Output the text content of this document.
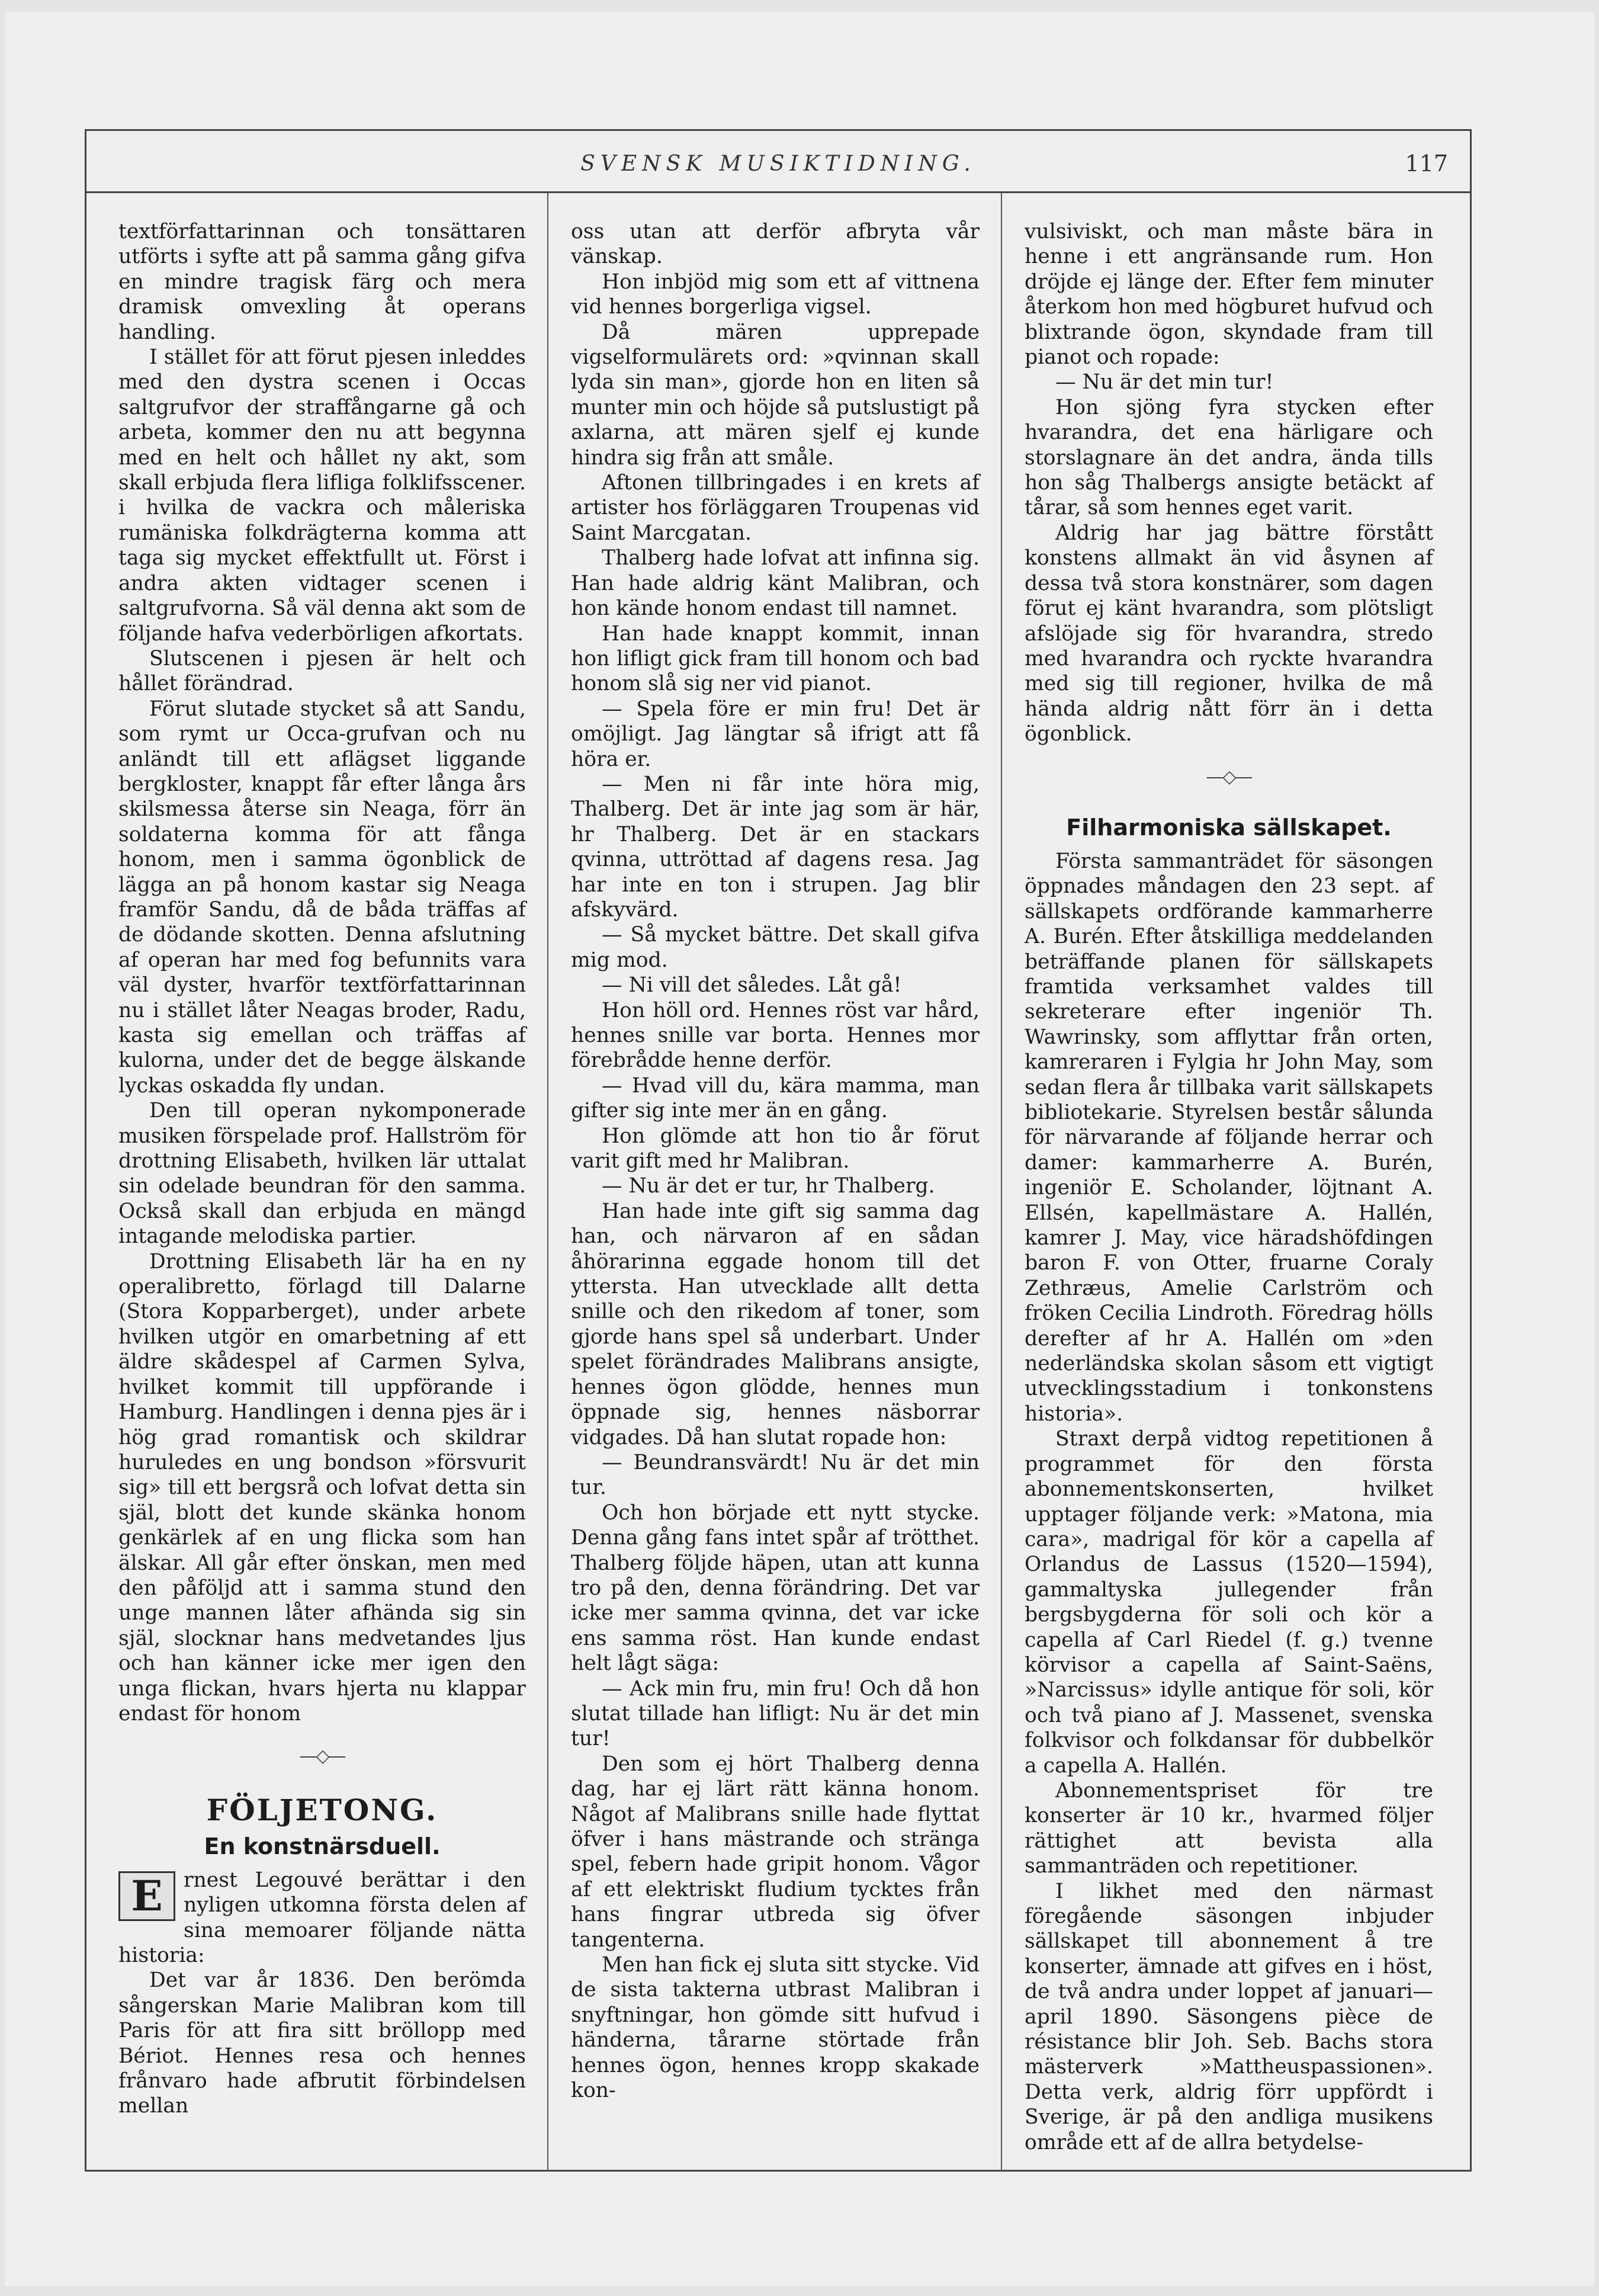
SVENSK MUSIKTIDNING.	117

textförfattarinnan och tonsättaren utförts i syfte att på samma gång gifva en mindre tragisk färg och mera dramisk omvexling åt operans handling.

I stället för att förut pjesen inleddes med den dystra scenen i Occas saltgrufvor der straffångarne gå och arbeta, kommer den nu att begynna med en helt och hållet ny akt, som skall erbjuda flera lifliga folklifsscener. i hvilka de vackra och måleriska rumäniska folkdrägterna komma att taga sig mycket effektfullt ut. Först i andra akten vidtager scenen i saltgrufvorna. Så väl denna akt som de följande hafva vederbörligen afkortats.

Slutscenen i pjesen är helt och hållet förändrad.

Förut slutade stycket så att Sandu, som rymt ur Occa-grufvan och nu anländt till ett aflägset liggande bergkloster, knappt får efter långa års skilsmessa återse sin Neaga, förr än soldaterna komma för att fånga honom, men i samma ögonblick de lägga an på honom kastar sig Neaga framför Sandu, då de båda träffas af de dödande skotten. Denna afslutning af operan har med fog befunnits vara väl dyster, hvarför textförfattarinnan nu i stället låter Neagas broder, Radu, kasta sig emellan och träffas af kulorna, under det de begge älskande lyckas oskadda fly undan.

Den till operan nykomponerade musiken förspelade prof. Hallström för drottning Elisabeth, hvilken lär uttalat sin odelade beundran för den samma. Också skall dan erbjuda en mängd intagande melodiska partier.

Drottning Elisabeth lär ha en ny operalibretto, förlagd till Dalarne (Stora Kopparberget), under arbete hvilken utgör en omarbetning af ett äldre skådespel af Carmen Sylva, hvilket kommit till uppförande i Hamburg. Handlingen i denna pjes är i hög grad romantisk och skildrar huruledes en ung bondson »försvurit sig» till ett bergsrå och lofvat detta sin själ, blott det kunde skänka honom genkärlek af en ung flicka som han älskar. All går efter önskan, men med den påföljd att i samma stund den unge mannen låter afhända sig sin själ, slocknar hans medvetandes ljus och han känner icke mer igen den unga flickan, hvars hjerta nu klappar endast för honom

—◇—
FÖLJETONG.
En konstnärsduell.

E	rnest Legouvé berättar i den nyligen utkomna första delen af sina memoarer följande nätta historia:

Det var år 1836. Den berömda sångerskan Marie Malibran kom till Paris för att fira sitt bröllopp med Bériot. Hennes resa och hennes frånvaro hade afbrutit förbindelsen mellan

oss utan att derför afbryta vår vänskap.

Hon inbjöd mig som ett af vittnena vid hennes borgerliga vigsel.

Då mären upprepade vigselformulärets ord: »qvinnan skall lyda sin man», gjorde hon en liten så munter min och höjde så putslustigt på axlarna, att mären sjelf ej kunde hindra sig från att småle.

Aftonen tillbringades i en krets af artister hos förläggaren Troupenas vid Saint Marcgatan.

Thalberg hade lofvat att infinna sig. Han hade aldrig känt Malibran, och hon kände honom endast till namnet.

Han hade knappt kommit, innan hon lifligt gick fram till honom och bad honom slå sig ner vid pianot.

— Spela före er min fru! Det är omöjligt. Jag längtar så ifrigt att få höra er.

— Men ni får inte höra mig, Thalberg. Det är inte jag som är här, hr Thalberg. Det är en stackars qvinna, uttröttad af dagens resa. Jag har inte en ton i strupen. Jag blir afskyvärd.

— Så mycket bättre. Det skall gifva mig mod.

— Ni vill det således. Låt gå!

Hon höll ord. Hennes röst var hård, hennes snille var borta. Hennes mor förebrådde henne derför.

— Hvad vill du, kära mamma, man gifter sig inte mer än en gång.

Hon glömde att hon tio år förut varit gift med hr Malibran.

— Nu är det er tur, hr Thalberg.

Han hade inte gift sig samma dag han, och närvaron af en sådan åhörarinna eggade honom till det yttersta. Han utvecklade allt detta snille och den rikedom af toner, som gjorde hans spel så underbart. Under spelet förändrades Malibrans ansigte, hennes ögon glödde, hennes mun öppnade sig, hennes näsborrar vidgades. Då han slutat ropade hon:

— Beundransvärdt! Nu är det min tur.

Och hon började ett nytt stycke. Denna gång fans intet spår af trötthet. Thalberg följde häpen, utan att kunna tro på den, denna förändring. Det var icke mer samma qvinna, det var icke ens samma röst. Han kunde endast helt lågt säga:

— Ack min fru, min fru! Och då hon slutat tillade han lifligt: Nu är det min tur!

Den som ej hört Thalberg denna dag, har ej lärt rätt känna honom. Något af Malibrans snille hade flyttat öfver i hans mästrande och stränga spel, febern hade gripit honom. Vågor af ett elektriskt fludium tycktes från hans fingrar utbreda sig öfver tangenterna.

Men han fick ej sluta sitt stycke. Vid de sista takterna utbrast Malibran i snyftningar, hon gömde sitt hufvud i händerna, tårarne störtade från hennes ögon, hennes kropp skakade kon-

vulsiviskt, och man måste bära in henne i ett angränsande rum. Hon dröjde ej länge der. Efter fem minuter återkom hon med högburet hufvud och blixtrande ögon, skyndade fram till pianot och ropade:

— Nu är det min tur!

Hon sjöng fyra stycken efter hvarandra, det ena härligare och storslagnare än det andra, ända tills hon såg Thalbergs ansigte betäckt af tårar, så som hennes eget varit.

Aldrig har jag bättre förstått konstens allmakt än vid åsynen af dessa två stora konstnärer, som dagen förut ej känt hvarandra, som plötsligt afslöjade sig för hvarandra, stredo med hvarandra och ryckte hvarandra med sig till regioner, hvilka de må hända aldrig nått förr än i detta ögonblick.

—◇—
Filharmoniska sällskapet.

Första sammanträdet för säsongen öppnades måndagen den 23 sept. af sällskapets ordförande kammarherre A. Burén. Efter åtskilliga meddelanden beträffande planen för sällskapets framtida verksamhet valdes till sekreterare efter ingeniör Th. Wawrinsky, som afflyttar från orten, kamreraren i Fylgia hr John May, som sedan flera år tillbaka varit sällskapets bibliotekarie. Styrelsen består sålunda för närvarande af följande herrar och damer: kammarherre A. Burén, ingeniör E. Scholander, löjtnant A. Ellsén, kapellmästare A. Hallén, kamrer J. May, vice häradshöfdingen baron F. von Otter, fruarne Coraly Zethræus, Amelie Carlström och fröken Cecilia Lindroth. Föredrag hölls derefter af hr A. Hallén om »den nederländska skolan såsom ett vigtigt utvecklingsstadium i tonkonstens historia».

Straxt derpå vidtog repetitionen å programmet för den första abonnementskonserten, hvilket upptager följande verk: »Matona, mia cara», madrigal för kör a capella af Orlandus de Lassus (1520—1594), gammaltyska jullegender från bergsbygderna för soli och kör a capella af Carl Riedel (f. g.) tvenne körvisor a capella af Saint-Saëns, »Narcissus» idylle antique för soli, kör och två piano af J. Massenet, svenska folkvisor och folkdansar för dubbelkör a capella A. Hallén.

Abonnementspriset för tre konserter är 10 kr., hvarmed följer rättighet att bevista alla sammanträden och repetitioner.

I likhet med den närmast föregående säsongen inbjuder sällskapet till abonnement å tre konserter, ämnade att gifves en i höst, de två andra under loppet af januari—april 1890. Säsongens pièce de résistance blir Joh. Seb. Bachs stora mästerverk »Mattheuspassionen». Detta verk, aldrig förr uppfördt i Sverige, är på den andliga musikens område ett af de allra betydelse-
